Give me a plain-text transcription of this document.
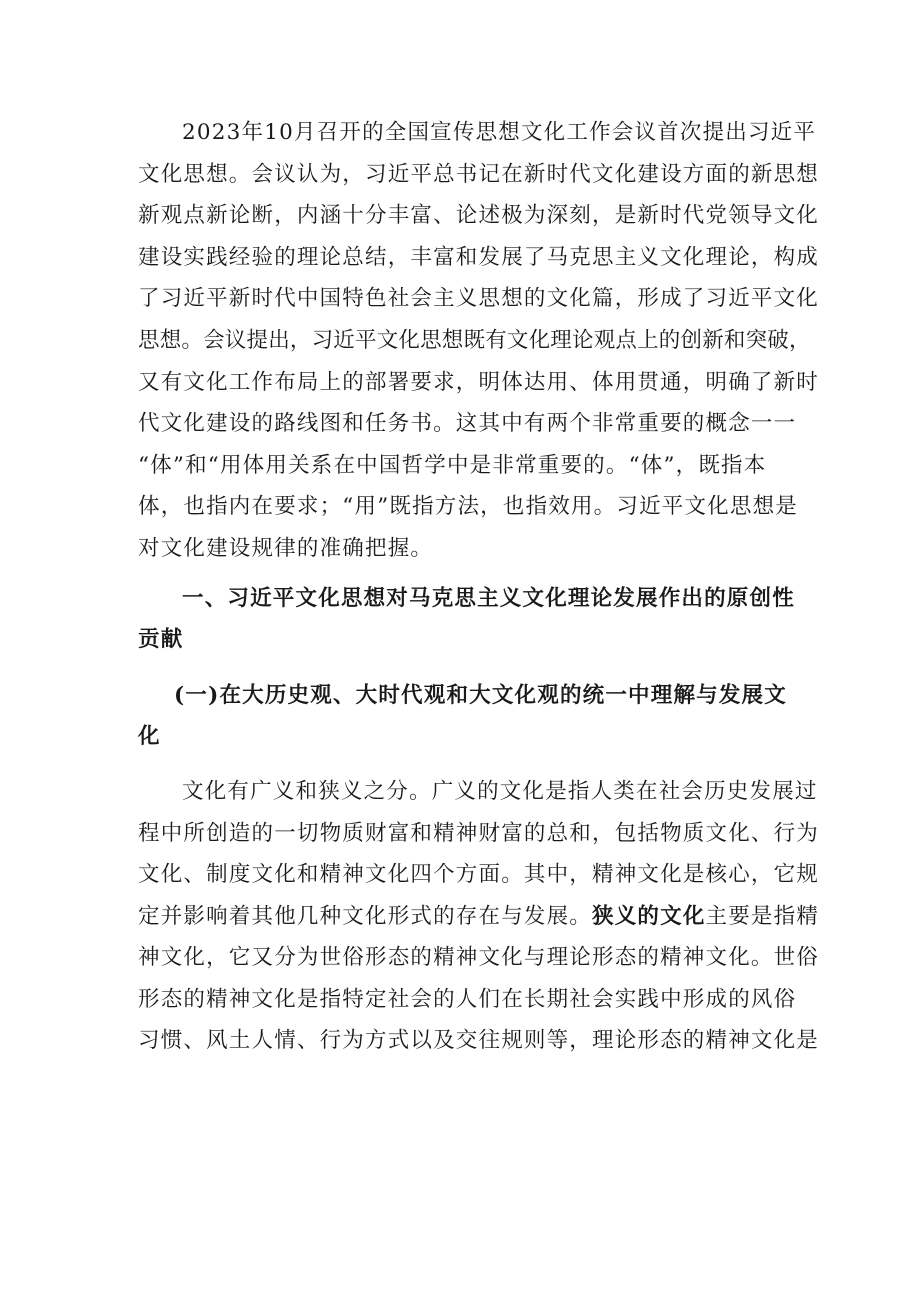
2023年10月召开的全国宣传思想文化工作会议首次提出习近平
文化思想。会议认为，习近平总书记在新时代文化建设方面的新思想
新观点新论断，内涵十分丰富、论述极为深刻，是新时代党领导文化
建设实践经验的理论总结，丰富和发展了马克思主义文化理论，构成
了习近平新时代中国特色社会主义思想的文化篇，形成了习近平文化
思想。会议提出，习近平文化思想既有文化理论观点上的创新和突破，
又有文化工作布局上的部署要求，明体达用、体用贯通，明确了新时
代文化建设的路线图和任务书。这其中有两个非常重要的概念一一
“体”和“用体用关系在中国哲学中是非常重要的。“体”，既指本
体，也指内在要求；“用”既指方法，也指效用。习近平文化思想是
对文化建设规律的准确把握。
一、习近平文化思想对马克思主义文化理论发展作出的原创性
贡献
(一)在大历史观、大时代观和大文化观的统一中理解与发展文
化
文化有广义和狭义之分。广义的文化是指人类在社会历史发展过
程中所创造的一切物质财富和精神财富的总和，包括物质文化、行为
文化、制度文化和精神文化四个方面。其中，精神文化是核心，它规
定并影响着其他几种文化形式的存在与发展。狭义的文化主要是指精
神文化，它又分为世俗形态的精神文化与理论形态的精神文化。世俗
形态的精神文化是指特定社会的人们在长期社会实践中形成的风俗
习惯、风土人情、行为方式以及交往规则等，理论形态的精神文化是
